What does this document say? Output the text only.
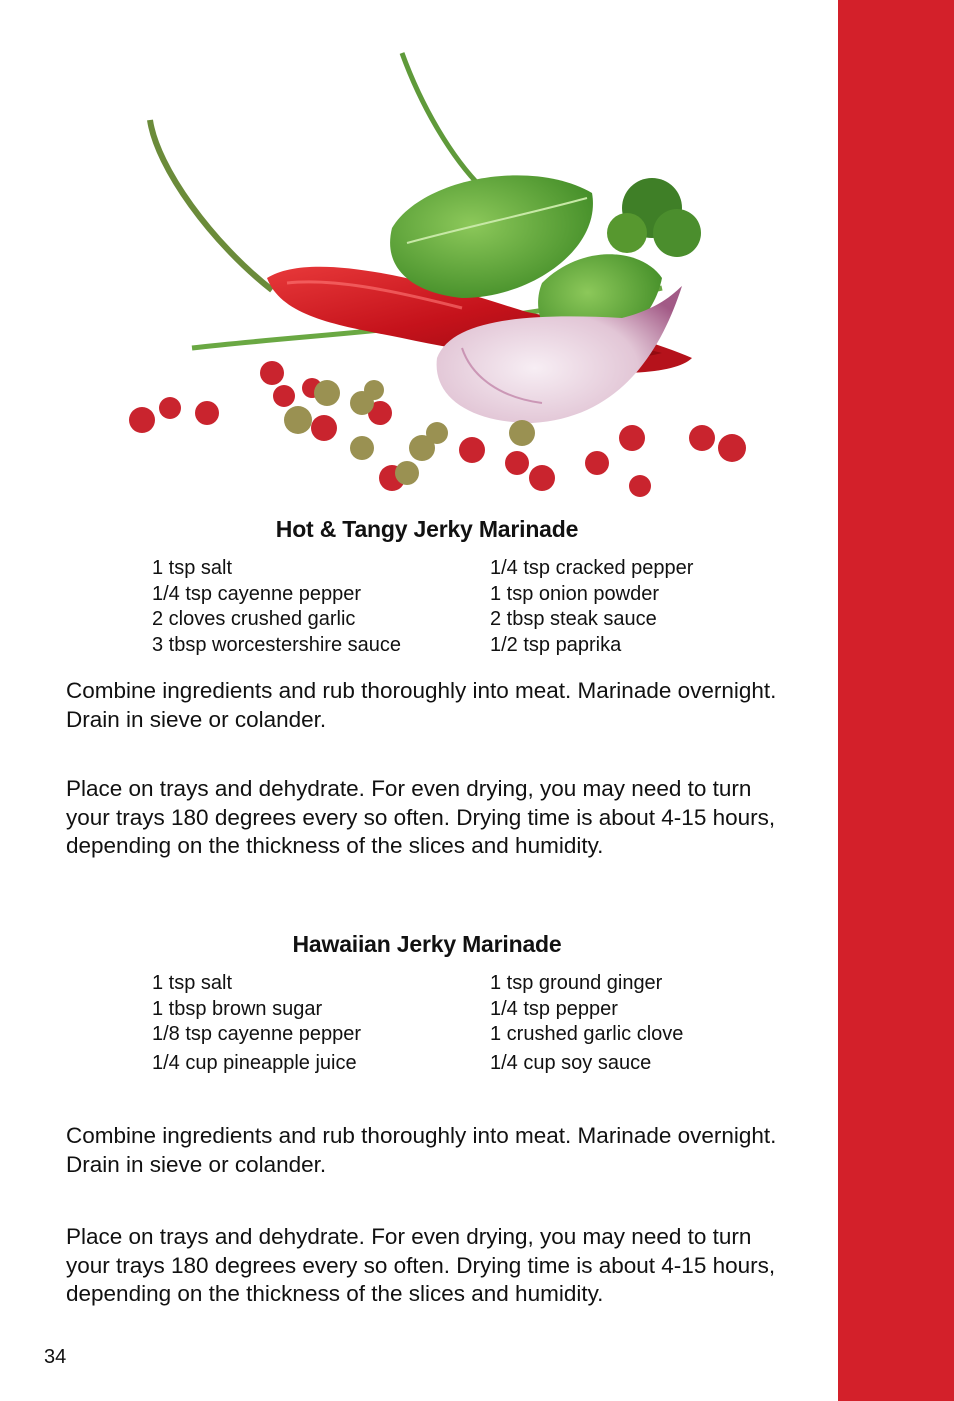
Hot & Tangy Jerky Marinade
1 tsp salt
1/4 tsp cayenne pepper
2 cloves crushed garlic
3 tbsp worcestershire sauce
1/4 tsp cracked pepper
1 tsp onion powder
2 tbsp steak sauce
1/2 tsp paprika
Combine ingredients and rub thoroughly into meat. Marinade overnight. Drain in sieve or colander.
Place on trays and dehydrate. For even drying, you may need to turn your trays 180 degrees every so often. Drying time is about 4-15 hours, depending on the thickness of the slices and humidity.
Hawaiian Jerky Marinade
1 tsp salt
1 tbsp brown sugar
1/8 tsp cayenne pepper
1/4 cup pineapple juice
1 tsp ground ginger
1/4 tsp pepper
1 crushed garlic clove
1/4 cup soy sauce
Combine ingredients and rub thoroughly into meat. Marinade overnight. Drain in sieve or colander.
Place on trays and dehydrate. For even drying, you may need to turn your trays 180 degrees every so often. Drying time is about 4-15 hours, depending on the thickness of the slices and humidity.
34
